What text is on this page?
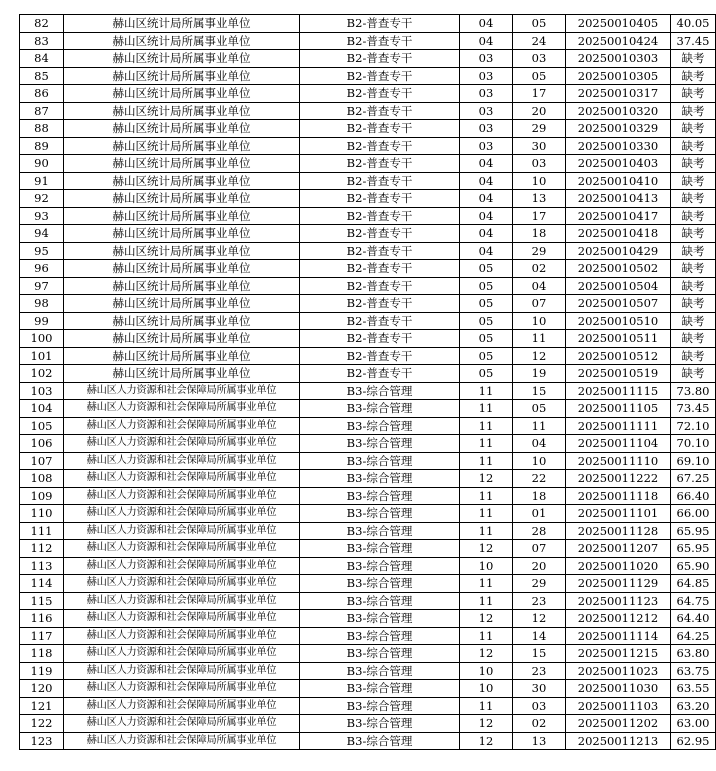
82	赫山区统计局所属事业单位	B2-普查专干	04	05	20250010405	40.05
83	赫山区统计局所属事业单位	B2-普查专干	04	24	20250010424	37.45
84	赫山区统计局所属事业单位	B2-普查专干	03	03	20250010303	缺考
85	赫山区统计局所属事业单位	B2-普查专干	03	05	20250010305	缺考
86	赫山区统计局所属事业单位	B2-普查专干	03	17	20250010317	缺考
87	赫山区统计局所属事业单位	B2-普查专干	03	20	20250010320	缺考
88	赫山区统计局所属事业单位	B2-普查专干	03	29	20250010329	缺考
89	赫山区统计局所属事业单位	B2-普查专干	03	30	20250010330	缺考
90	赫山区统计局所属事业单位	B2-普查专干	04	03	20250010403	缺考
91	赫山区统计局所属事业单位	B2-普查专干	04	10	20250010410	缺考
92	赫山区统计局所属事业单位	B2-普查专干	04	13	20250010413	缺考
93	赫山区统计局所属事业单位	B2-普查专干	04	17	20250010417	缺考
94	赫山区统计局所属事业单位	B2-普查专干	04	18	20250010418	缺考
95	赫山区统计局所属事业单位	B2-普查专干	04	29	20250010429	缺考
96	赫山区统计局所属事业单位	B2-普查专干	05	02	20250010502	缺考
97	赫山区统计局所属事业单位	B2-普查专干	05	04	20250010504	缺考
98	赫山区统计局所属事业单位	B2-普查专干	05	07	20250010507	缺考
99	赫山区统计局所属事业单位	B2-普查专干	05	10	20250010510	缺考
100	赫山区统计局所属事业单位	B2-普查专干	05	11	20250010511	缺考
101	赫山区统计局所属事业单位	B2-普查专干	05	12	20250010512	缺考
102	赫山区统计局所属事业单位	B2-普查专干	05	19	20250010519	缺考
103	赫山区人力资源和社会保障局所属事业单位	B3-综合管理	11	15	20250011115	73.80
104	赫山区人力资源和社会保障局所属事业单位	B3-综合管理	11	05	20250011105	73.45
105	赫山区人力资源和社会保障局所属事业单位	B3-综合管理	11	11	20250011111	72.10
106	赫山区人力资源和社会保障局所属事业单位	B3-综合管理	11	04	20250011104	70.10
107	赫山区人力资源和社会保障局所属事业单位	B3-综合管理	11	10	20250011110	69.10
108	赫山区人力资源和社会保障局所属事业单位	B3-综合管理	12	22	20250011222	67.25
109	赫山区人力资源和社会保障局所属事业单位	B3-综合管理	11	18	20250011118	66.40
110	赫山区人力资源和社会保障局所属事业单位	B3-综合管理	11	01	20250011101	66.00
111	赫山区人力资源和社会保障局所属事业单位	B3-综合管理	11	28	20250011128	65.95
112	赫山区人力资源和社会保障局所属事业单位	B3-综合管理	12	07	20250011207	65.95
113	赫山区人力资源和社会保障局所属事业单位	B3-综合管理	10	20	20250011020	65.90
114	赫山区人力资源和社会保障局所属事业单位	B3-综合管理	11	29	20250011129	64.85
115	赫山区人力资源和社会保障局所属事业单位	B3-综合管理	11	23	20250011123	64.75
116	赫山区人力资源和社会保障局所属事业单位	B3-综合管理	12	12	20250011212	64.40
117	赫山区人力资源和社会保障局所属事业单位	B3-综合管理	11	14	20250011114	64.25
118	赫山区人力资源和社会保障局所属事业单位	B3-综合管理	12	15	20250011215	63.80
119	赫山区人力资源和社会保障局所属事业单位	B3-综合管理	10	23	20250011023	63.75
120	赫山区人力资源和社会保障局所属事业单位	B3-综合管理	10	30	20250011030	63.55
121	赫山区人力资源和社会保障局所属事业单位	B3-综合管理	11	03	20250011103	63.20
122	赫山区人力资源和社会保障局所属事业单位	B3-综合管理	12	02	20250011202	63.00
123	赫山区人力资源和社会保障局所属事业单位	B3-综合管理	12	13	20250011213	62.95
